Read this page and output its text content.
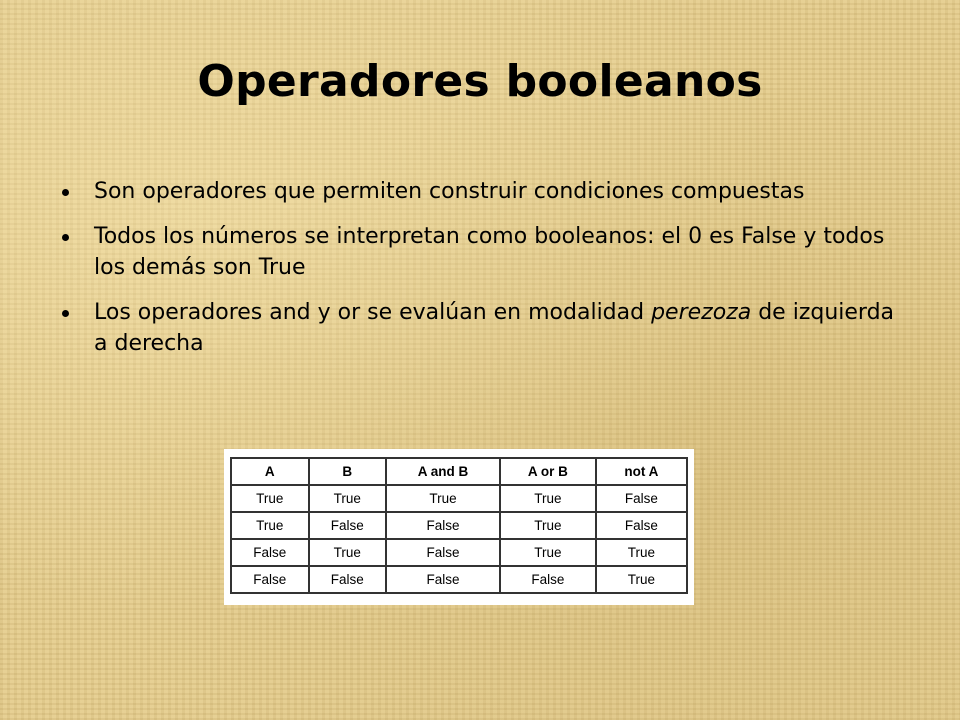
Operadores booleanos
Son operadores que permiten construir condiciones compuestas
Todos los números se interpretan como booleanos: el 0 es False y todos los demás son True
Los operadores and y or se evalúan en modalidad perezoza de izquierda a derecha
A	B	A and B	A or B	not A
True	True	True	True	False
True	False	False	True	False
False	True	False	True	True
False	False	False	False	True
